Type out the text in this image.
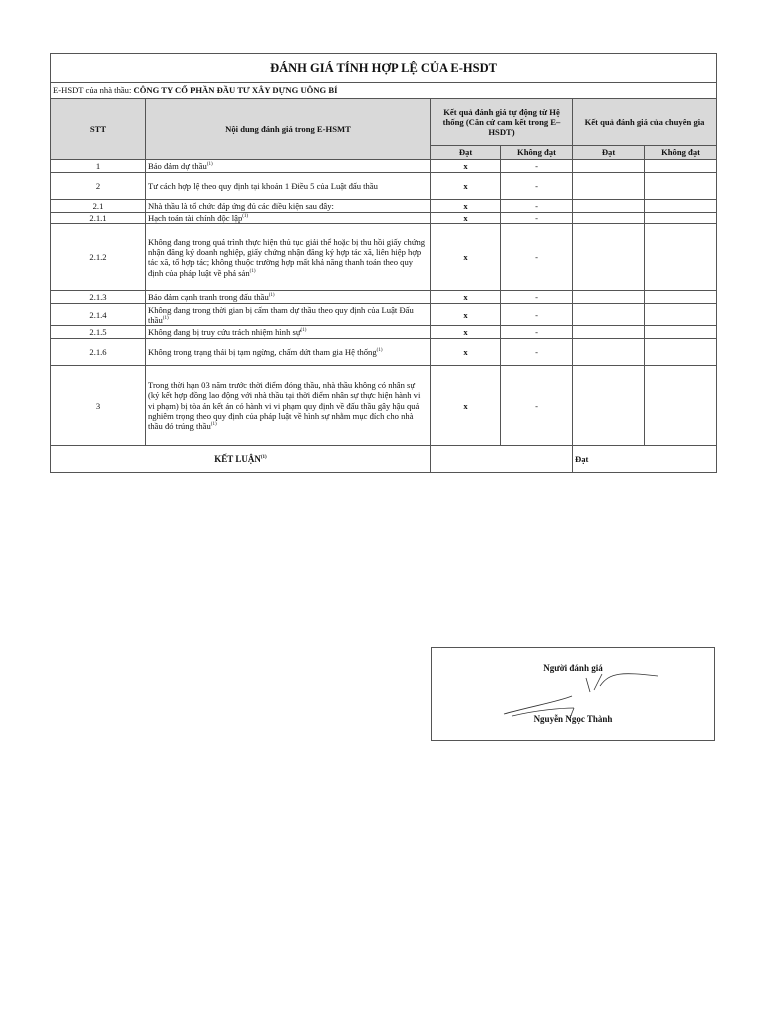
ĐÁNH GIÁ TÍNH HỢP LỆ CỦA E-HSDT					
E-HSDT của nhà thầu: CÔNG TY CỔ PHẦN ĐẦU TƯ XÂY DỰNG UÔNG BÍ					
STT	Nội dung đánh giá trong E-HSMT	Kết quả đánh giá tự động từ Hệ thống (Căn cứ cam kết trong E–HSDT)		Kết quả đánh giá của chuyên gia	
		Đạt	Không đạt	Đạt	Không đạt
1	Bảo đảm dự thầu$^{(1)}$	x	-		
2	Tư cách hợp lệ theo quy định tại khoản 1 Điều 5 của Luật đấu thầu	x	-		
2.1	Nhà thầu là tổ chức đáp ứng đủ các điều kiện sau đây:	x	-		
2.1.1	Hạch toán tài chính độc lập$^{(1)}$	x	-		
2.1.2	Không đang trong quá trình thực hiện thủ tục giải thể hoặc bị thu hồi giấy chứng nhận đăng ký doanh nghiệp, giấy chứng nhận đăng ký hợp tác xã, liên hiệp hợp tác xã, tổ hợp tác; không thuộc trường hợp mất khả năng thanh toán theo quy định của pháp luật về phá sản$^{(1)}$	x	-		
2.1.3	Bảo đảm cạnh tranh trong đấu thầu$^{(1)}$	x	-		
2.1.4	Không đang trong thời gian bị cấm tham dự thầu theo quy định của Luật Đấu thầu$^{(1)}$	x	-		
2.1.5	Không đang bị truy cứu trách nhiệm hình sự$^{(1)}$	x	-		
2.1.6	Không trong trạng thái bị tạm ngừng, chấm dứt tham gia Hệ thống$^{(1)}$	x	-		
3	Trong thời hạn 03 năm trước thời điểm đóng thầu, nhà thầu không có nhân sự (ký kết hợp đồng lao động với nhà thầu tại thời điểm nhân sự thực hiện hành vi vi phạm) bị tòa án kết án có hành vi vi phạm quy định về đấu thầu gây hậu quả nghiêm trọng theo quy định của pháp luật về hình sự nhằm mục đích cho nhà thầu đó trúng thầu$^{(1)}$	x	-		
KẾT LUẬN$^{(1)}$				Đạt	
Người đánh giá
Nguyễn Ngọc Thành
